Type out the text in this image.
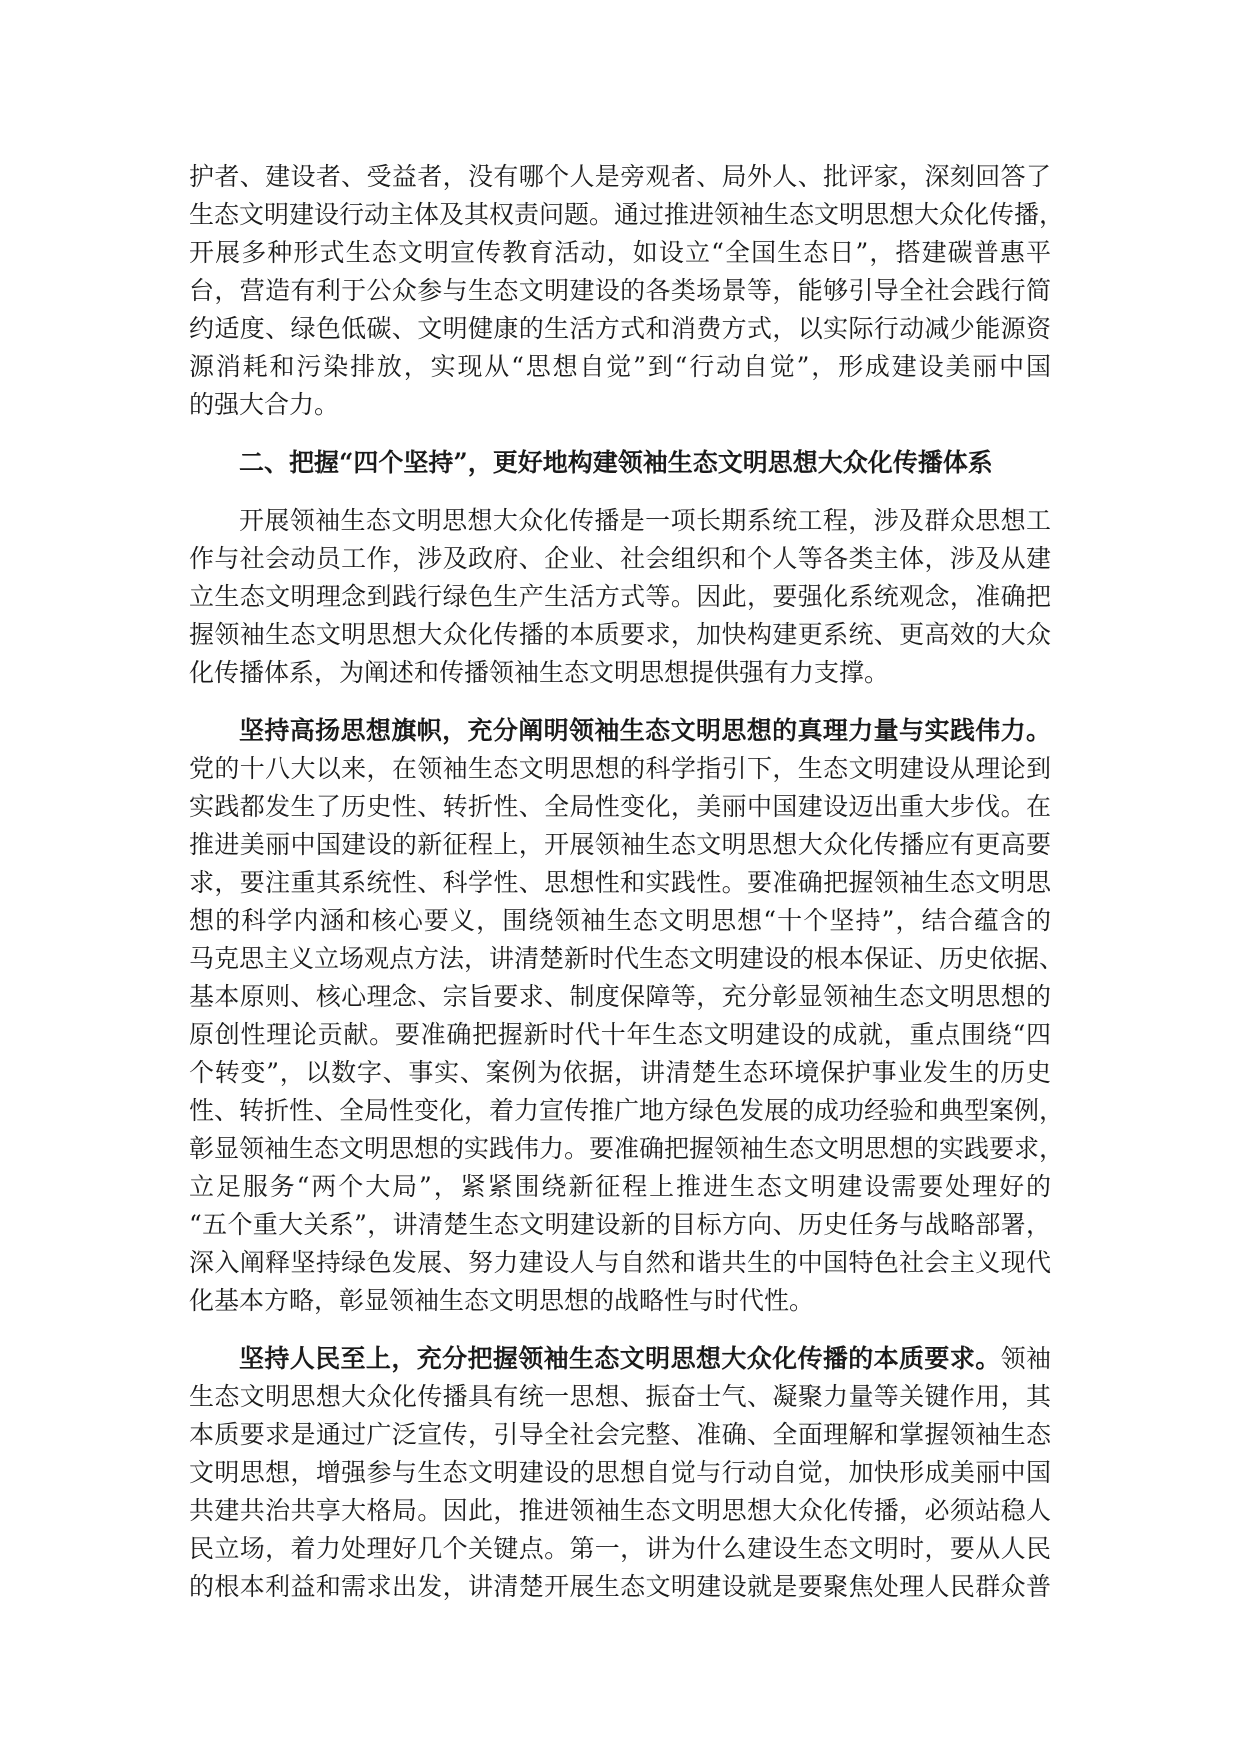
护者、建设者、受益者，没有哪个人是旁观者、局外人、批评家，深刻回答了
生态文明建设行动主体及其权责问题。通过推进领袖生态文明思想大众化传播，
开展多种形式生态文明宣传教育活动，如设立“全国生态日”，搭建碳普惠平
台，营造有利于公众参与生态文明建设的各类场景等，能够引导全社会践行简
约适度、绿色低碳、文明健康的生活方式和消费方式，以实际行动减少能源资
源消耗和污染排放，实现从“思想自觉”到“行动自觉”，形成建设美丽中国
的强大合力。
二、把握“四个坚持”，更好地构建领袖生态文明思想大众化传播体系
开展领袖生态文明思想大众化传播是一项长期系统工程，涉及群众思想工
作与社会动员工作，涉及政府、企业、社会组织和个人等各类主体，涉及从建
立生态文明理念到践行绿色生产生活方式等。因此，要强化系统观念，准确把
握领袖生态文明思想大众化传播的本质要求，加快构建更系统、更高效的大众
化传播体系，为阐述和传播领袖生态文明思想提供强有力支撑。
坚持高扬思想旗帜，充分阐明领袖生态文明思想的真理力量与实践伟力。
党的十八大以来，在领袖生态文明思想的科学指引下，生态文明建设从理论到
实践都发生了历史性、转折性、全局性变化，美丽中国建设迈出重大步伐。在
推进美丽中国建设的新征程上，开展领袖生态文明思想大众化传播应有更高要
求，要注重其系统性、科学性、思想性和实践性。要准确把握领袖生态文明思
想的科学内涵和核心要义，围绕领袖生态文明思想“十个坚持”，结合蕴含的
马克思主义立场观点方法，讲清楚新时代生态文明建设的根本保证、历史依据、
基本原则、核心理念、宗旨要求、制度保障等，充分彰显领袖生态文明思想的
原创性理论贡献。要准确把握新时代十年生态文明建设的成就，重点围绕“四
个转变”，以数字、事实、案例为依据，讲清楚生态环境保护事业发生的历史
性、转折性、全局性变化，着力宣传推广地方绿色发展的成功经验和典型案例，
彰显领袖生态文明思想的实践伟力。要准确把握领袖生态文明思想的实践要求，
立足服务“两个大局”，紧紧围绕新征程上推进生态文明建设需要处理好的
“五个重大关系”，讲清楚生态文明建设新的目标方向、历史任务与战略部署，
深入阐释坚持绿色发展、努力建设人与自然和谐共生的中国特色社会主义现代
化基本方略，彰显领袖生态文明思想的战略性与时代性。
坚持人民至上，充分把握领袖生态文明思想大众化传播的本质要求。领袖
生态文明思想大众化传播具有统一思想、振奋士气、凝聚力量等关键作用，其
本质要求是通过广泛宣传，引导全社会完整、准确、全面理解和掌握领袖生态
文明思想，增强参与生态文明建设的思想自觉与行动自觉，加快形成美丽中国
共建共治共享大格局。因此，推进领袖生态文明思想大众化传播，必须站稳人
民立场，着力处理好几个关键点。第一，讲为什么建设生态文明时，要从人民
的根本利益和需求出发，讲清楚开展生态文明建设就是要聚焦处理人民群众普
